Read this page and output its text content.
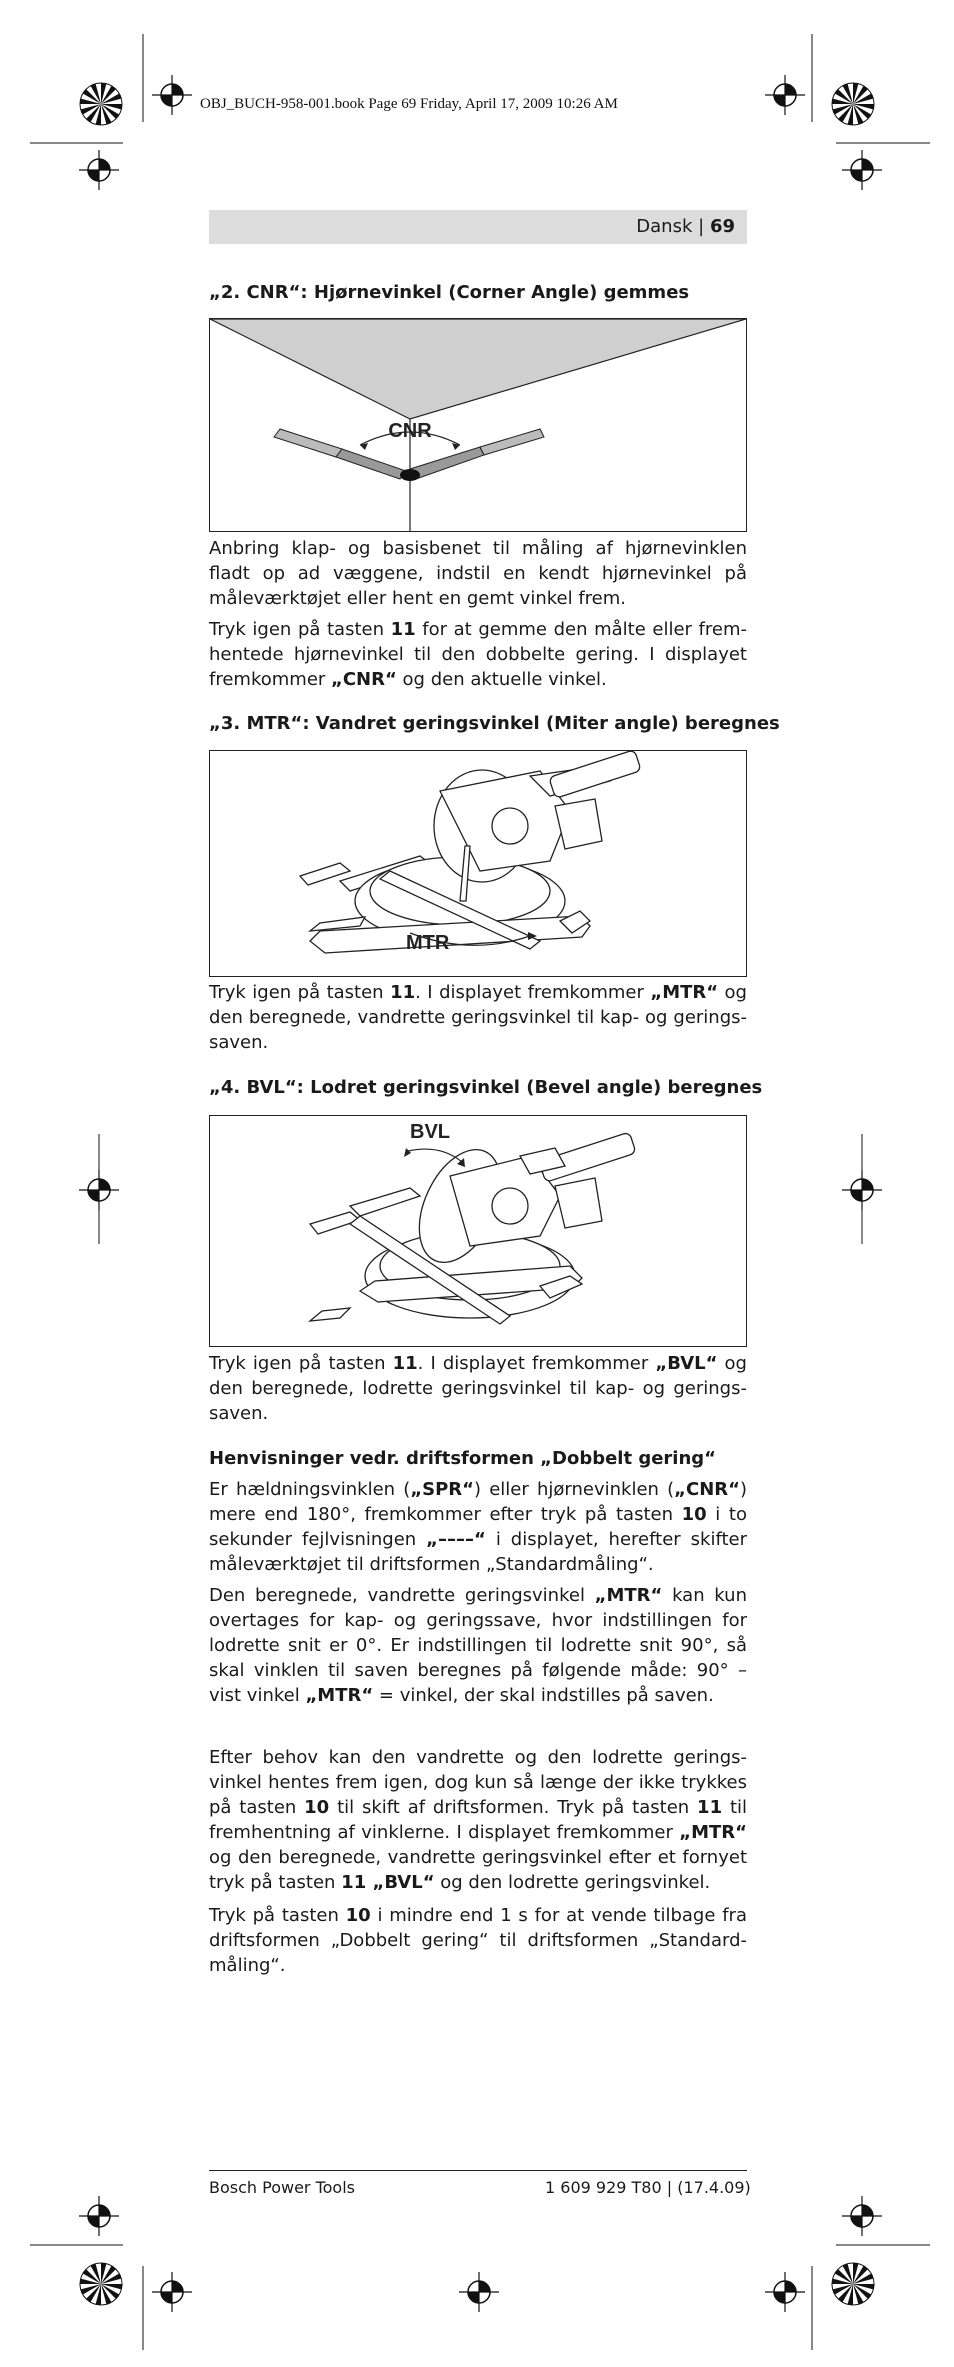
OBJ_BUCH-958-001.book Page 69 Friday, April 17, 2009 10:26 AM
Dansk | 69
„2. CNR“: Hjørnevinkel (Corner Angle) gemmes
CNR
Anbring klap- og basisbenet til måling af hjørnevinklen fladt op ad væggene, indstil en kendt hjørnevinkel på måleværktøjet eller hent en gemt vinkel frem.
Tryk igen på tasten 11 for at gemme den målte eller fremhentede hjørnevinkel til den dobbelte gering. I displayet fremkommer „CNR“ og den aktuelle vinkel.
„3. MTR“: Vandret geringsvinkel (Miter angle) beregnes
MTR
Tryk igen på tasten 11. I displayet fremkommer „MTR“ og den beregnede, vandrette geringsvinkel til kap- og geringssaven.
„4. BVL“: Lodret geringsvinkel (Bevel angle) beregnes
BVL
Tryk igen på tasten 11. I displayet fremkommer „BVL“ og den beregnede, lodrette geringsvinkel til kap- og geringssaven.
Henvisninger vedr. driftsformen „Dobbelt gering“
Er hældningsvinklen („SPR“) eller hjørnevinklen („CNR“) mere end 180°, fremkommer efter tryk på tasten 10 i to sekunder fejlvisningen „––––“ i displayet, herefter skifter måleværktøjet til driftsformen „Standardmåling“.
Den beregnede, vandrette geringsvinkel „MTR“ kan kun overtages for kap- og geringssave, hvor indstillingen for lodrette snit er 0°. Er indstillingen til lodrette snit 90°, så skal vinklen til saven beregnes på følgende måde: 90° – vist vinkel „MTR“ = vinkel, der skal indstilles på saven.
Efter behov kan den vandrette og den lodrette geringsvinkel hentes frem igen, dog kun så længe der ikke trykkes på tasten 10 til skift af driftsformen. Tryk på tasten 11 til fremhentning af vinklerne. I displayet fremkommer „MTR“ og den beregnede, vandrette geringsvinkel efter et fornyet tryk på tasten 11 „BVL“ og den lodrette geringsvinkel.
Tryk på tasten 10 i mindre end 1 s for at vende tilbage fra driftsformen „Dobbelt gering“ til driftsformen „Standardmåling“.
Bosch Power Tools	1 609 929 T80 | (17.4.09)
